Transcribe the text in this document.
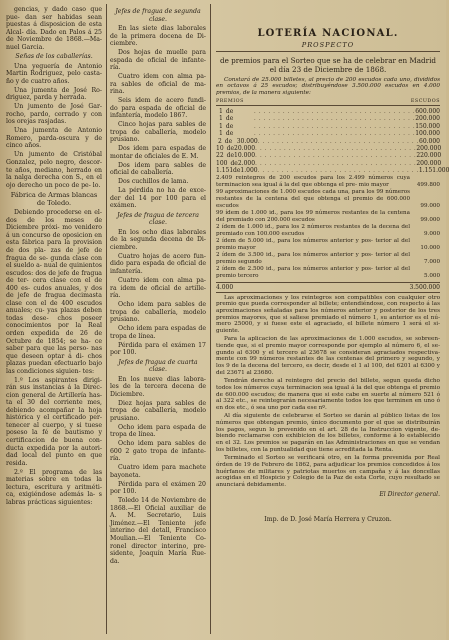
gencias, y dado caso que pue- dan ser habidas sean puestas á disposicion de esta Alcal- día. Dado en Palos á 25 de Noviembre de 1868.—Ma- nuel Garcia.

Señas de los caballerías.

Una yeguería de Antonio Martin Rodriguez, pelo casta- ño y de cuatro años.

Una jumenta de José Ro- driguez, parda y herrada.

Un jumento de José Gar- rocho, pardo, cerrado y con los orejas rasjadas.

Una jumenta de Antonio Romero, parda-oscura y de cinco años.

Un jumento de Cristóbal Gonzalez, pelo negro, descor- te años, mediano, herrado en la nalga derecha con S., en el ojo derecho un poco de pe- lo.

Fábrica de Armas blancas de Toledo.

Debiendo procederse en el- dos de los meses de Diciembre próxi- mo venidero á un concurso de oposicion en esta fábrica para la provision de dos pla- zas de jefe de fragua de se- gunda clase con el sueldo a- nual de quinientos escudos: dos de jefe de fragua de ter- cera clase con el de 400 es- cudos anuales, y dos de jefe de fragua decimasta clase con el de 400 escudos anuales; cu- yas plazas deben todas dese- chos poseer conocimientos por la Real orden expedida de 26 de Octubre de 1854; se ha- ce saber para que las perso- nas que deseen optar á di- chos plazas puedan efectuarlo bajo las condiciones siguien- tes:

1.º Los aspirantes dirigi- rán sus instancias á la Direc- cion general de Artillería has- ta el 30 del corriente mes, debiendo acompañar la hoja histórica y el certificado per- tenecer al cuerpo, y si tuese poseso la fé de bautismo y certificacion de buena con- ducta expedida por la autori- dad local del punto en que resida.

2.º El programa de las materias sobre en todas la lectura, escritura y aritméti- ca, exigiéndose además la- s labras prácticas siguientes:

Jefes de fragua de segunda clase.

En las siete dias laborales de la primera docena de Di- ciembre.

Dos hojas de muelle para espada de oficial de infante- ría.

Cuatro idem con alma pa- ra sables de oficial de ma- rina.

Seis idem de acero fundi- do para espada de oficial de infantería, modelo 1867.

Cinco hojas para sables de tropa de caballería, modelo prusiano.

Dos idem para espadas de montar de oficiales de E. M.

Dos idem para sables de oficial de caballería.

Dos cuchillos de lama.

La pérdida no ha de exce- der del 14 por 100 para el exámen.

Jefes de fragua de tercera clase.

En los ocho dias laborales de la segunda decena de Di- ciembre.

Cuatro hojas de acero fun- dido para espada de oficial de infantería.

Cuatro idem con alma pa- ra idem de oficial de artille- ría.

Ocho idem para sables de tropa de caballería, modelo prusiano.

Ocho idem para espadas de tropa de línea.

Pérdida para el exámen 17 por 100.

Jefes de fragua de cuarta clase.

En los nueve dias labora- les de la tercera decena de Diciembre.

Diez hojas para sables de tropa de caballería, modelo prusiano.

Ocho idem para espada de tropa de línea.

Ocho idem para sables de 600 2 gato tropa de infante- ría.

Cuatro idem para machete bayoneta.

Pérdida para el exámen 20 por 100.

Toledo 14 de Noviembre de 1868.—El Oficial auxiliar de A. M. Secretario, Luis Jiménez.—El Teniente jefe interino del detall, Francisco Moulian.—El Teniente Co- ronel director interino, pre- sidente, Joaquín María Rue- da.

LOTERÍA NACIONAL.
PROSPECTO
de premios para el Sorteo que se ha de celebrar en Madrid el día 23 de Diciembre de 1868.
Constará de 25.000 billetes, al precio de 200 escudos cada uno, divididos en octavos á 25 escudos; distribuyéndose 3.500.000 escudos en 4.000 premios, de la manera siguiente:
PREMIOS	ESCUDOS
1 de	. . . . . . . . . . . . . . . . . . . . . . . . . . . . . . . . . . 600.000
1 de	. . . . . . . . . . . . . . . . . . . . . . . . . . . . . . . . . . 200.000
1 de	. . . . . . . . . . . . . . . . . . . . . . . . . . . . . . . . . . 150.000
1 de	. . . . . . . . . . . . . . . . . . . . . . . . . . . . . . . . . . 100.000
2 de 30.000 . . . . . . . . . . . . . . . . . . . . . . . . . . . . . . . . . . 60.000
10 de 20.000 . . . . . . . . . . . . . . . . . . . . . . . . . . . . . . . . . . 200.000
22 de 10.000 . . . . . . . . . . . . . . . . . . . . . . . . . . . . . . . . . . 220.000
100 de 2.000 . . . . . . . . . . . . . . . . . . . . . . . . . . . . . . . . . . 200.000
1.151 de 1.000 . . . . . . . . . . . . . . . . . . . . . . . . . . . . . . . . . . 1.151.000
2.409 reintegros de 200 escudos para los 2.499 números cuya terminacion sea igual á la del que obtenga el pre- mio mayor	499.800
99 aproximaciones de 1.000 escudos cada una, para los 99 números restantes de la centena del que obtenga el premio de 600.000 escudos	99.000
99 ídem de 1.000 id., para los 99 números restantes de la centena del premiado con 200.000 escudos	99.000
2 ídem de 1.000 id., para los 2 números restantes de la decena del premiado con 100.000 escudos	9.000
2 ídem de 5.000 id., para los números anterior y pos- terior al del premio mayor	10.000
2 ídem de 3.500 id., para los números anterior y pos- terior al del premio segundo	7.000
2 ídem de 2.500 id., para los números anterior y pos- terior al del premio tercero	5.000
4.000	3.500.000

Las aproximaciones y los reintegros son compatibles con cualquier otro premio que pueda corresponder al billete; entendiéndose, con respecto á las aproximaciones señaladas para los números anterior y posterior de los tres premios mayores, que si saliese premiado el número 1, su anterior es el nú- mero 25000, y si fuese este el agraciado, el billete número 1 será el si- guiente.

Para la aplicacion de las aproximaciones de 1.000 escudos, se sobreen- tiende que, si el premio mayor corresponde por ejemplo al número 6, el se- gundo al 6300 y el tercero al 23678 se consideran agraciados respectiva- mente con 99 números restantes de las centenas del primero y segundo, y los 9 de la decena del tercero, es decir, desde el 1 al 100, del 6201 al 6300 y del 23671 al 23680.

Tendrán derecho al reintegro del precio del billete, segun queda dicho todos los números cuya terminacion sea igual á la del que obtenga el premio de 600.000 escudos; de manera que si este cabe en suerte al número 521 ó al 322 etc., se reintegrarán necesariamente todos los que terminen en uno ó en dos etc., ó sea uno por cada ese nº.

Al día siguiente de celebrarse el Sorteo se darán al público listas de los números que obtengan premio, único documento por el que se distribuirán los pagos, segun lo prevenido en el art. 28 de la Instruccion vigente, de- biendo reclamarse con exhibicion de los billetes, conforme á lo establecido en el 32. Los premios se pagarán en las Administraciones en que se vendan los billetes, con la puntualidad que tiene acreditada la Renta.

Terminado el Sorteo se verificará otro, en la forma prevenida por Real órden de 19 de Febrero de 1862, para adjudicar los premios concedidos á los huérfanos de militares y patriotas muertos en campaña y á las doncellas acogidas en el Hospicio y Colegio de la Paz de esta Corte, cuyo resultado se anunciará debidamente.

El Director general.
Imp. de D. José María Herrera y Cruzon.
